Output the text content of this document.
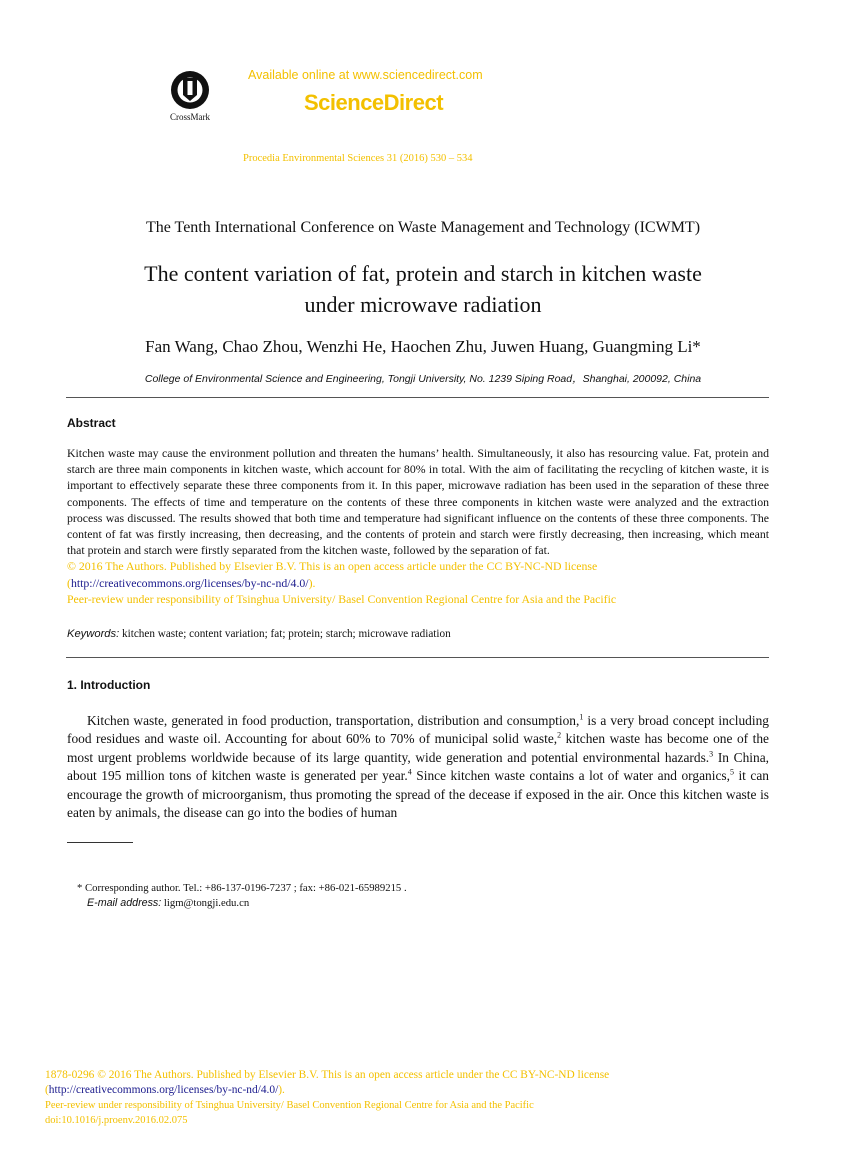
CrossMark
Available online at www.sciencedirect.com
ScienceDirect
Procedia Environmental Sciences 31 (2016) 530 – 534
The Tenth International Conference on Waste Management and Technology (ICWMT)
The content variation of fat, protein and starch in kitchen waste
under microwave radiation
Fan Wang, Chao Zhou, Wenzhi He, Haochen Zhu, Juwen Huang, Guangming Li*
College of Environmental Science and Engineering, Tongji University, No. 1239 Siping Road，Shanghai, 200092, China
Abstract

Kitchen waste may cause the environment pollution and threaten the humans’ health. Simultaneously, it also has resourcing value. Fat, protein and starch are three main components in kitchen waste, which account for 80% in total. With the aim of facilitating the recycling of kitchen waste, it is important to effectively separate these three components from it. In this paper, microwave radiation has been used in the separation of these three components. The effects of time and temperature on the contents of these three components in kitchen waste were analyzed and the extraction process was discussed. The results showed that both time and temperature had significant influence on the contents of these three components. The content of fat was firstly increasing, then decreasing, and the contents of protein and starch were firstly decreasing, then increasing, which meant that protein and starch were firstly separated from the kitchen waste, followed by the separation of fat.

© 2016 The Authors. Published by Elsevier B.V. This is an open access article under the CC BY-NC-ND license

(http://creativecommons.org/licenses/by-nc-nd/4.0/).

Peer-review under responsibility of Tsinghua University/ Basel Convention Regional Centre for Asia and the Pacific

Keywords: kitchen waste; content variation; fat; protein; starch; microwave radiation
1. Introduction
Kitchen waste, generated in food production, transportation, distribution and consumption,$^1$ is a very broad concept including food residues and waste oil. Accounting for about 60% to 70% of municipal solid waste,$^2$ kitchen waste has become one of the most urgent problems worldwide because of its large quantity, wide generation and potential environmental hazards.$^3$ In China, about 195 million tons of kitchen waste is generated per year.$^4$ Since kitchen waste contains a lot of water and organics,$^5$ it can encourage the growth of microorganism, thus promoting the spread of the decease if exposed in the air. Once this kitchen waste is eaten by animals, the disease can go into the bodies of human
* Corresponding author. Tel.: +86-137-0196-7237 ; fax: +86-021-65989215 .
E-mail address: ligm@tongji.edu.cn
1878-0296 © 2016 The Authors. Published by Elsevier B.V. This is an open access article under the CC BY-NC-ND license
(http://creativecommons.org/licenses/by-nc-nd/4.0/).
Peer-review under responsibility of Tsinghua University/ Basel Convention Regional Centre for Asia and the Pacific
doi:10.1016/j.proenv.2016.02.075
